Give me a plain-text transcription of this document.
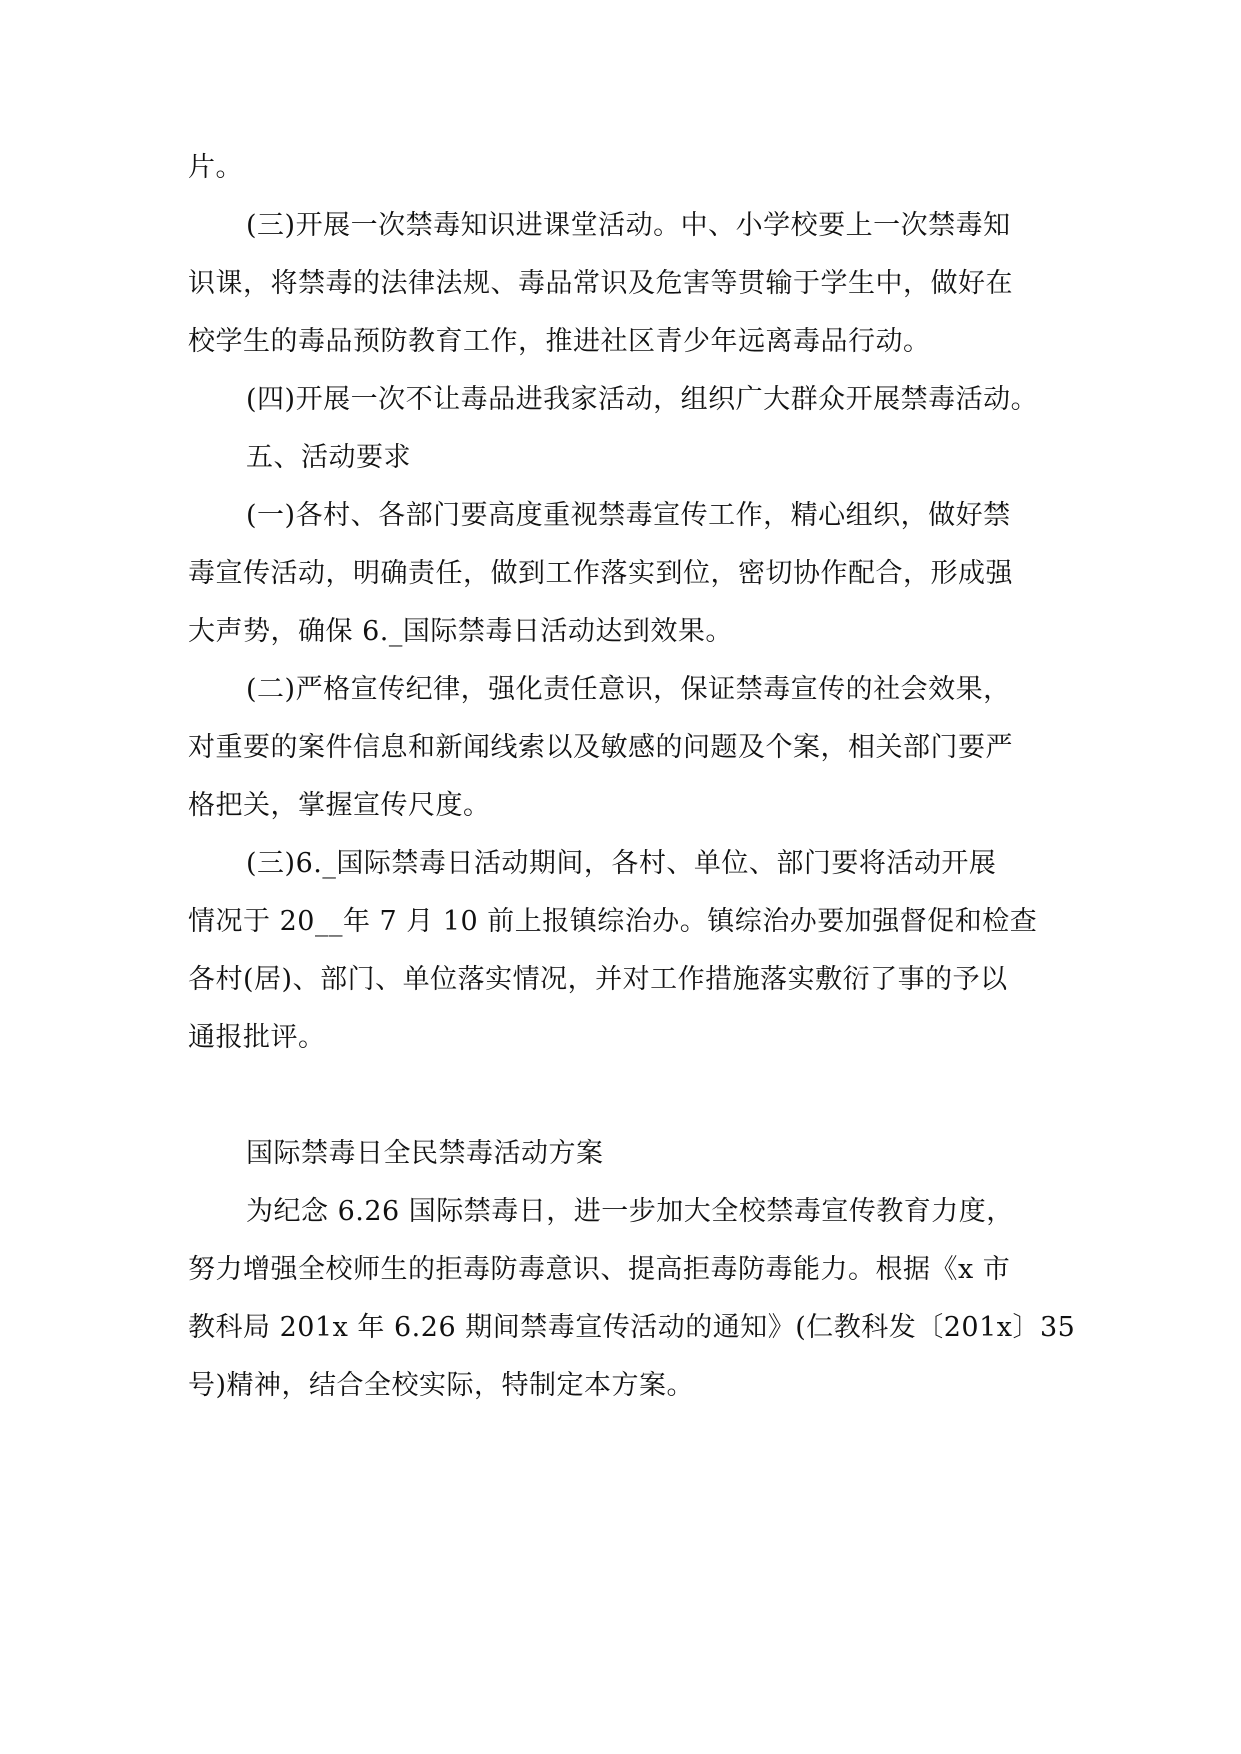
片。
(三)开展一次禁毒知识进课堂活动。中、小学校要上一次禁毒知
识课，将禁毒的法律法规、毒品常识及危害等贯输于学生中，做好在
校学生的毒品预防教育工作，推进社区青少年远离毒品行动。
(四)开展一次不让毒品进我家活动，组织广大群众开展禁毒活动。
五、活动要求
(一)各村、各部门要高度重视禁毒宣传工作，精心组织，做好禁
毒宣传活动，明确责任，做到工作落实到位，密切协作配合，形成强
大声势，确保 6._国际禁毒日活动达到效果。
(二)严格宣传纪律，强化责任意识，保证禁毒宣传的社会效果，
对重要的案件信息和新闻线索以及敏感的问题及个案，相关部门要严
格把关，掌握宣传尺度。
(三)6._国际禁毒日活动期间，各村、单位、部门要将活动开展
情况于 20__年 7 月 10 前上报镇综治办。镇综治办要加强督促和检查
各村(居)、部门、单位落实情况，并对工作措施落实敷衍了事的予以
通报批评。
国际禁毒日全民禁毒活动方案
为纪念 6.26 国际禁毒日，进一步加大全校禁毒宣传教育力度，
努力增强全校师生的拒毒防毒意识、提高拒毒防毒能力。根据《x 市
教科局 201x 年 6.26 期间禁毒宣传活动的通知》(仁教科发〔201x〕35
号)精神，结合全校实际，特制定本方案。
